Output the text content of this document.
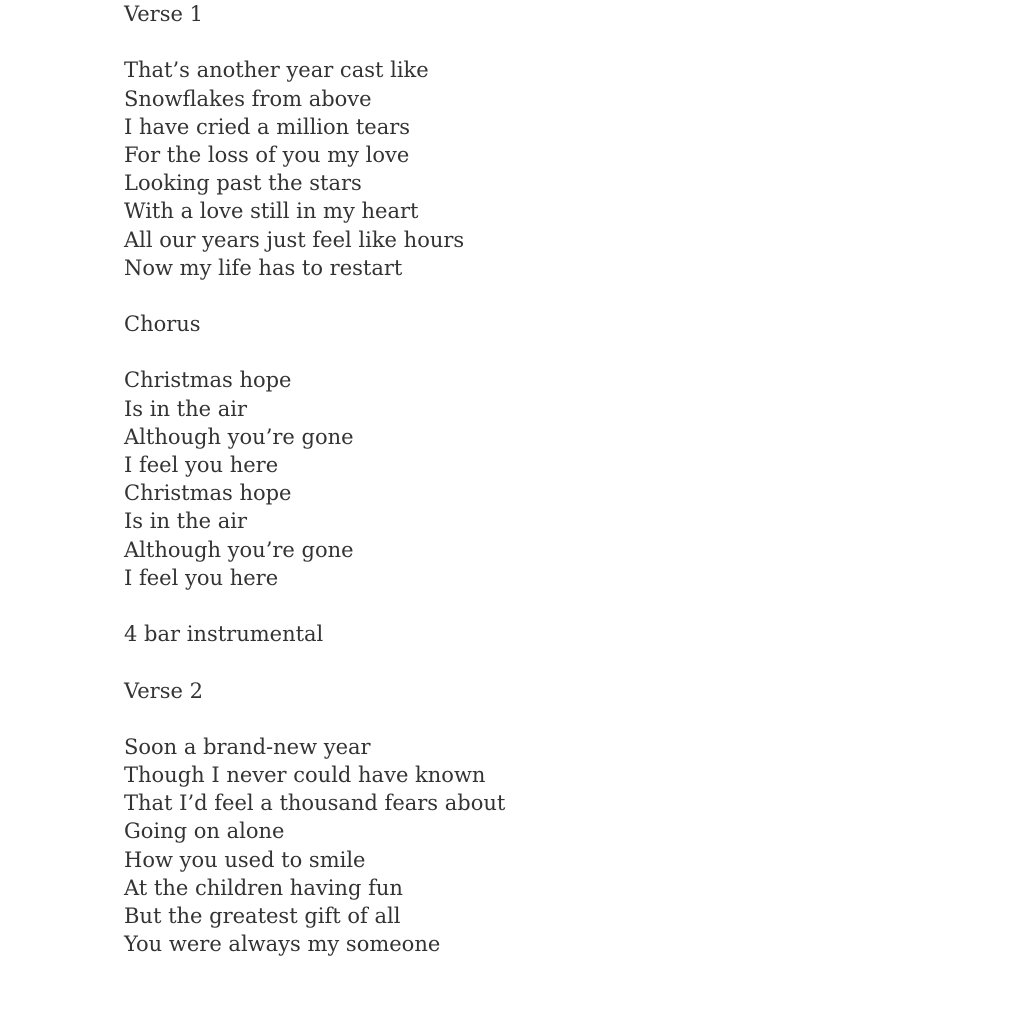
Verse 1
That’s another year cast like
Snowflakes from above
I have cried a million tears
For the loss of you my love
Looking past the stars
With a love still in my heart
All our years just feel like hours
Now my life has to restart
Chorus
Christmas hope
Is in the air
Although you’re gone
I feel you here
Christmas hope
Is in the air
Although you’re gone
I feel you here
4 bar instrumental
Verse 2
Soon a brand-new year
Though I never could have known
That I’d feel a thousand fears about
Going on alone
How you used to smile
At the children having fun
But the greatest gift of all
You were always my someone
